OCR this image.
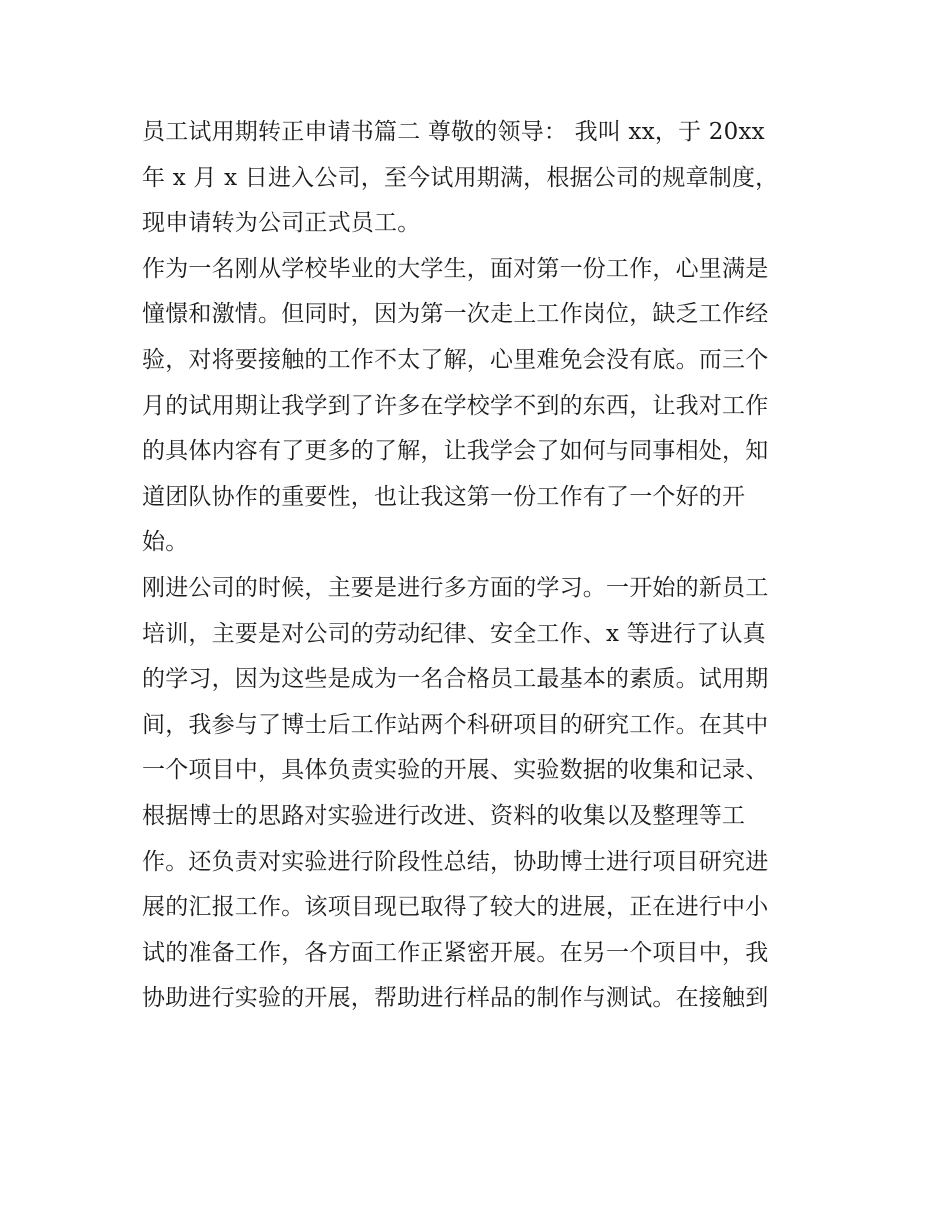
员工试用期转正申请书篇二 尊敬的领导： 我叫 xx，于 20xx
年 x 月 x 日进入公司，至今试用期满，根据公司的规章制度，
现申请转为公司正式员工。
作为一名刚从学校毕业的大学生，面对第一份工作，心里满是
憧憬和激情。但同时，因为第一次走上工作岗位，缺乏工作经
验，对将要接触的工作不太了解，心里难免会没有底。而三个
月的试用期让我学到了许多在学校学不到的东西，让我对工作
的具体内容有了更多的了解，让我学会了如何与同事相处，知
道团队协作的重要性，也让我这第一份工作有了一个好的开
始。
刚进公司的时候，主要是进行多方面的学习。一开始的新员工
培训，主要是对公司的劳动纪律、安全工作、x 等进行了认真
的学习，因为这些是成为一名合格员工最基本的素质。试用期
间，我参与了博士后工作站两个科研项目的研究工作。在其中
一个项目中，具体负责实验的开展、实验数据的收集和记录、
根据博士的思路对实验进行改进、资料的收集以及整理等工
作。还负责对实验进行阶段性总结，协助博士进行项目研究进
展的汇报工作。该项目现已取得了较大的进展，正在进行中小
试的准备工作，各方面工作正紧密开展。在另一个项目中，我
协助进行实验的开展，帮助进行样品的制作与测试。在接触到
